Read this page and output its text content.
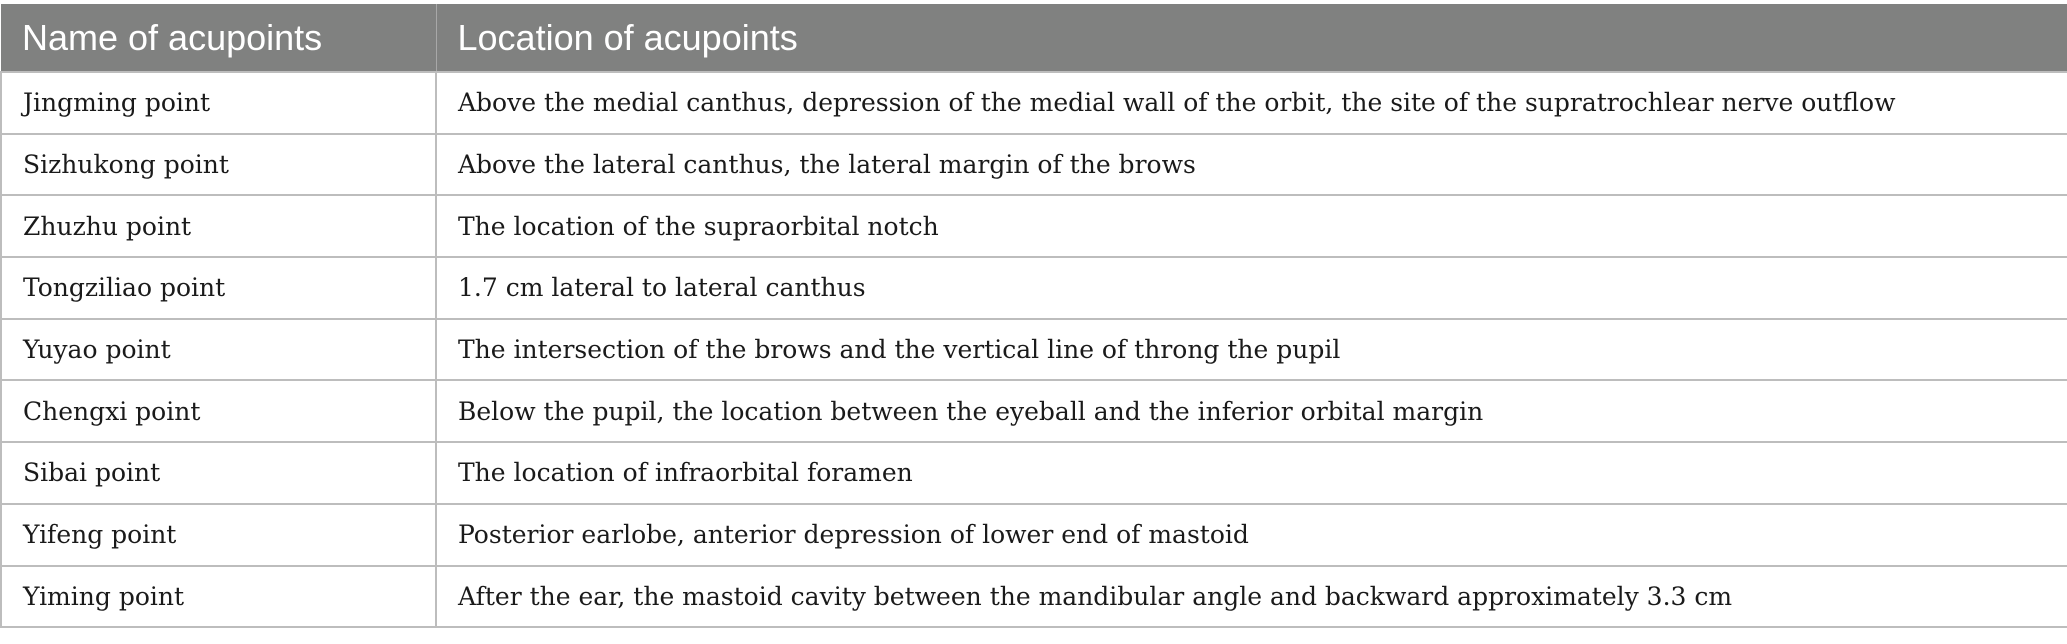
Name of acupoints	Location of acupoints
Jingming point	Above the medial canthus, depression of the medial wall of the orbit, the site of the supratrochlear nerve outflow
Sizhukong point	Above the lateral canthus, the lateral margin of the brows
Zhuzhu point	The location of the supraorbital notch
Tongziliao point	1.7 cm lateral to lateral canthus
Yuyao point	The intersection of the brows and the vertical line of throng the pupil
Chengxi point	Below the pupil, the location between the eyeball and the inferior orbital margin
Sibai point	The location of infraorbital foramen
Yifeng point	Posterior earlobe, anterior depression of lower end of mastoid
Yiming point	After the ear, the mastoid cavity between the mandibular angle and backward approximately 3.3 cm
